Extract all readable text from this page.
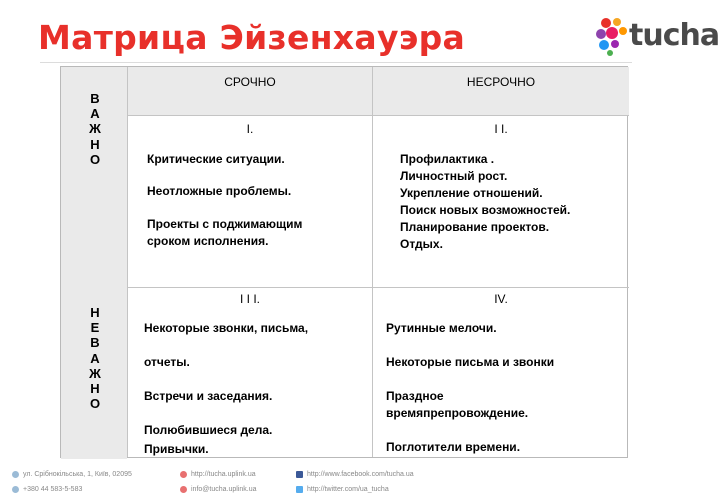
Матрица Эйзенхауэра	tucha
СРОЧНО	НЕСРОЧНО
В
А
Ж
Н
О
Н
Е
В
А
Ж
Н
О
I.
Критические ситуации.
Неотложные проблемы.
Проекты с поджимающим
сроком исполнения.
I I.
Профилактика .
Личностный рост.
Укрепление отношений.
Поиск новых возможностей.
Планирование проектов.
Отдых.
I I I.
Некоторые звонки, письма,
отчеты.
Встречи и заседания.
Полюбившиеся дела.
Привычки.
IV.
Рутинные мелочи.
Некоторые письма и звонки
Праздное
времяпрепровождение.
Поглотители времени.
ул. Срібнокільська, 1, Київ, 02095
+380 44 583-5-583
http://tucha.uplink.ua
info@tucha.uplink.ua
http://www.facebook.com/tucha.ua
http://twitter.com/ua_tucha
